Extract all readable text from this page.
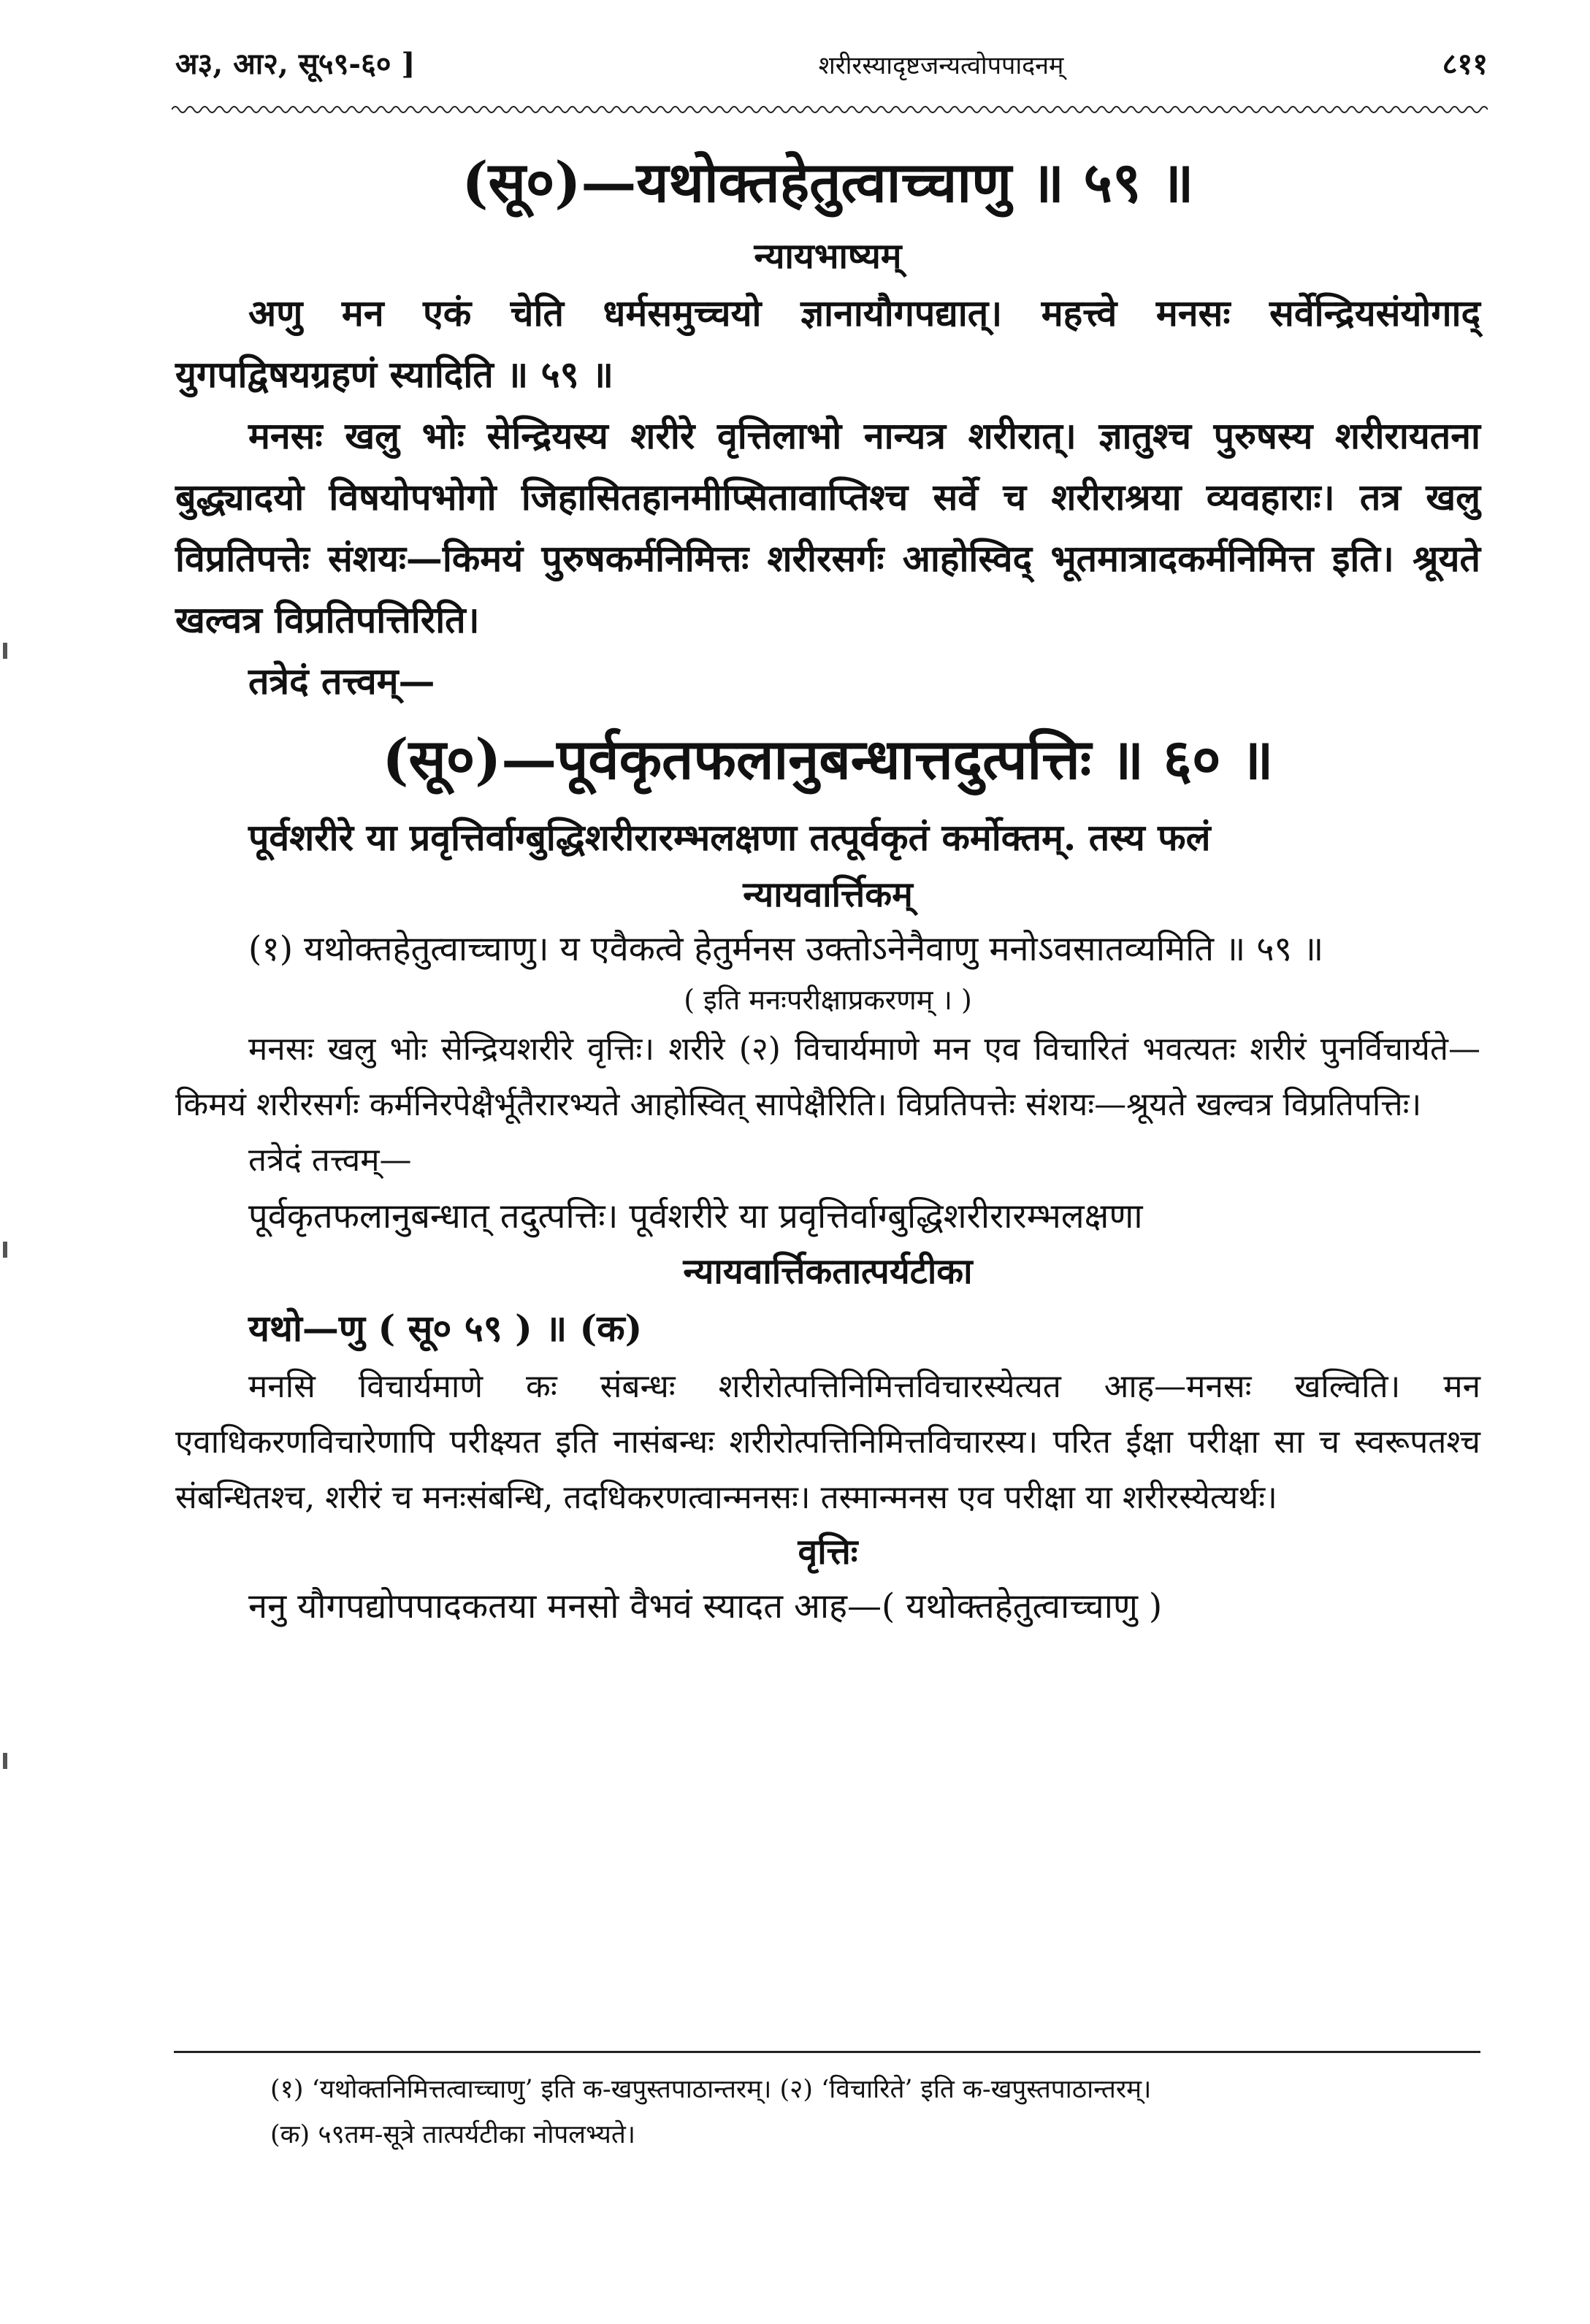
अ३, आ२, सू५९-६० ]	शरीरस्यादृष्टजन्यत्वोपपादनम्	८११

(सू०)—यथोक्तहेतुत्वाच्चाणु ॥ ५९ ॥

न्यायभाष्यम्

अणु मन एकं चेति धर्मसमुच्चयो ज्ञानायौगपद्यात्। महत्त्वे मनसः सर्वेन्द्रियसंयोगाद् युगपद्विषयग्रहणं स्यादिति ॥ ५९ ॥

मनसः खलु भोः सेन्द्रियस्य शरीरे वृत्तिलाभो नान्यत्र शरीरात्। ज्ञातुश्च पुरुषस्य शरीरायतना बुद्ध्यादयो विषयोपभोगो जिहासितहानमीप्सितावाप्तिश्च सर्वे च शरीराश्रया व्यवहाराः। तत्र खलु विप्रतिपत्तेः संशयः—किमयं पुरुषकर्मनिमित्तः शरीरसर्गः आहोस्विद् भूतमात्रादकर्मनिमित्त इति। श्रूयते खल्वत्र विप्रतिपत्तिरिति।

तत्रेदं तत्त्वम्—

(सू०)—पूर्वकृतफलानुबन्धात्तदुत्पत्तिः ॥ ६० ॥

पूर्वशरीरे या प्रवृत्तिर्वाग्बुद्धिशरीरारम्भलक्षणा तत्पूर्वकृतं कर्मोक्तम्. तस्य फलं

न्यायवार्त्तिकम्

(१) यथोक्तहेतुत्वाच्चाणु। य एवैकत्वे हेतुर्मनस उक्तोऽनेनैवाणु मनोऽवसातव्यमिति ॥ ५९ ॥

( इति मनःपरीक्षाप्रकरणम् । )

मनसः खलु भोः सेन्द्रियशरीरे वृत्तिः। शरीरे (२) विचार्यमाणे मन एव विचारितं भवत्यतः शरीरं पुनर्विचार्यते—किमयं शरीरसर्गः कर्मनिरपेक्षैर्भूतैरारभ्यते आहोस्वित् सापेक्षैरिति। विप्रतिपत्तेः संशयः—श्रूयते खल्वत्र विप्रतिपत्तिः।

तत्रेदं तत्त्वम्—

पूर्वकृतफलानुबन्धात् तदुत्पत्तिः। पूर्वशरीरे या प्रवृत्तिर्वाग्बुद्धिशरीरारम्भलक्षणा

न्यायवार्त्तिकतात्पर्यटीका

यथो—णु ( सू० ५९ ) ॥ (क)

मनसि विचार्यमाणे कः संबन्धः शरीरोत्पत्तिनिमित्तविचारस्येत्यत आह—मनसः खल्विति। मन एवाधिकरणविचारेणापि परीक्ष्यत इति नासंबन्धः शरीरोत्पत्तिनिमित्तविचारस्य। परित ईक्षा परीक्षा सा च स्वरूपतश्च संबन्धितश्च, शरीरं च मनःसंबन्धि, तदधिकरणत्वान्मनसः। तस्मान्मनस एव परीक्षा या शरीरस्येत्यर्थः।

वृत्तिः

ननु यौगपद्योपपादकतया मनसो वैभवं स्यादत आह—( यथोक्तहेतुत्वाच्चाणु )

(१) ‘यथोक्तनिमित्तत्वाच्चाणु’ इति क-खपुस्तपाठान्तरम्। (२) ‘विचारिते’ इति क-खपुस्तपाठान्तरम्।

(क) ५९तम-सूत्रे तात्पर्यटीका नोपलभ्यते।
